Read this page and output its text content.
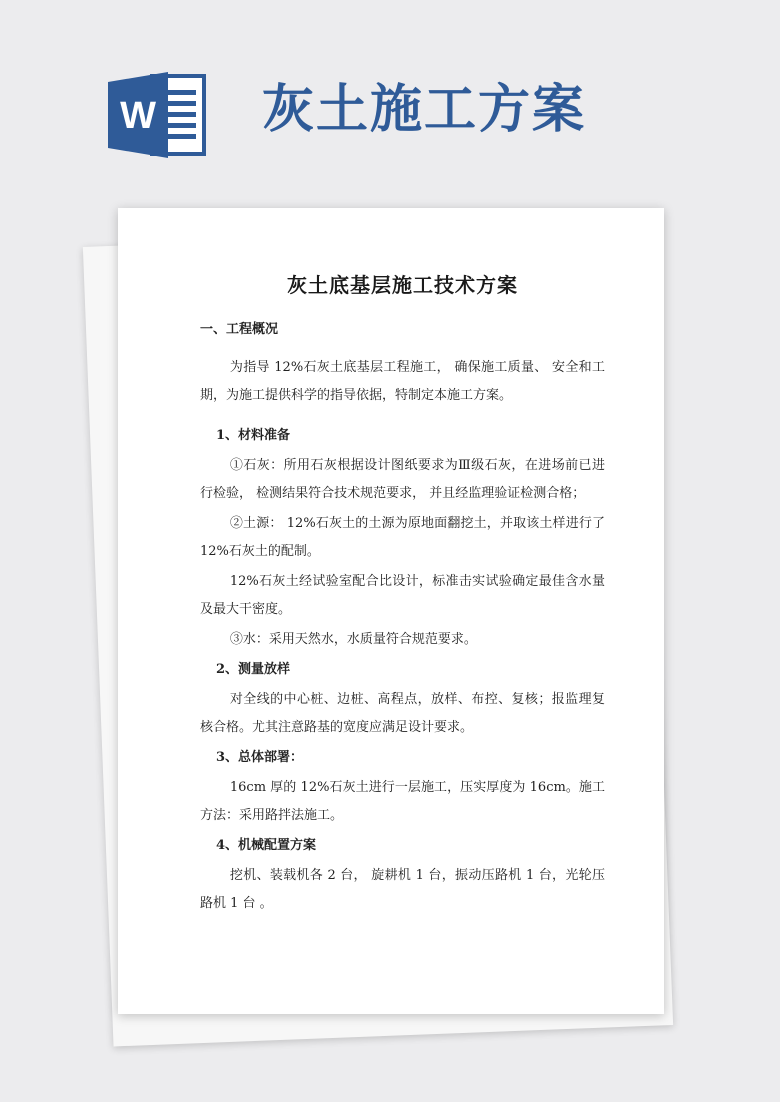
W 灰土施工方案
灰土底基层施工技术方案
一、工程概况
为指导 12%石灰土底基层工程施工， 确保施工质量、 安全和工期，为施工提供科学的指导依据，特制定本施工方案。
1、材料准备
①石灰：所用石灰根据设计图纸要求为Ⅲ级石灰，在进场前已进行检验， 检测结果符合技术规范要求， 并且经监理验证检测合格；
②土源： 12%石灰土的土源为原地面翻挖土，并取该土样进行了 12%石灰土的配制。
12%石灰土经试验室配合比设计，标准击实试验确定最佳含水量及最大干密度。
③水：采用天然水，水质量符合规范要求。
2、测量放样
对全线的中心桩、边桩、高程点，放样、布控、复核；报监理复核合格。尤其注意路基的宽度应满足设计要求。
3、总体部署：
16cm 厚的 12%石灰土进行一层施工，压实厚度为 16cm。施工方法：采用路拌法施工。
4、机械配置方案
挖机、装载机各 2 台， 旋耕机 1 台，振动压路机 1 台，光轮压路机 1 台 。
